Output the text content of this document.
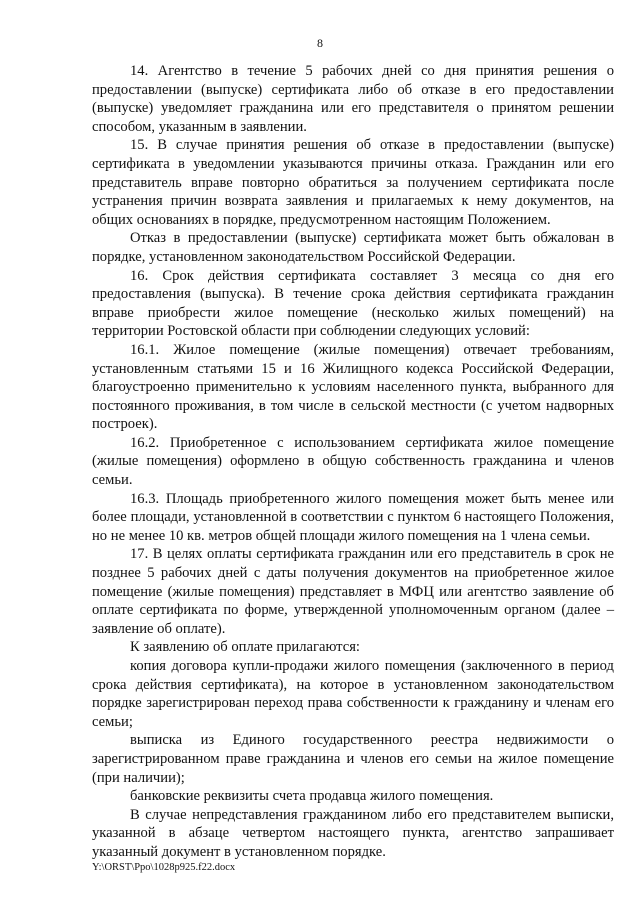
8

14. Агентство в течение 5 рабочих дней со дня принятия решения о предоставлении (выпуске) сертификата либо об отказе в его предоставлении (выпуске) уведомляет гражданина или его представителя о принятом решении способом, указанным в заявлении.

15. В случае принятия решения об отказе в предоставлении (выпуске) сертификата в уведомлении указываются причины отказа. Гражданин или его представитель вправе повторно обратиться за получением сертификата после устранения причин возврата заявления и прилагаемых к нему документов, на общих основаниях в порядке, предусмотренном настоящим Положением.

Отказ в предоставлении (выпуске) сертификата может быть обжалован в порядке, установленном законодательством Российской Федерации.

16. Срок действия сертификата составляет 3 месяца со дня его предоставления (выпуска). В течение срока действия сертификата гражданин вправе приобрести жилое помещение (несколько жилых помещений) на территории Ростовской области при соблюдении следующих условий:

16.1. Жилое помещение (жилые помещения) отвечает требованиям, установленным статьями 15 и 16 Жилищного кодекса Российской Федерации, благоустроенно применительно к условиям населенного пункта, выбранного для постоянного проживания, в том числе в сельской местности (с учетом надворных построек).

16.2. Приобретенное с использованием сертификата жилое помещение (жилые помещения) оформлено в общую собственность гражданина и членов семьи.

16.3. Площадь приобретенного жилого помещения может быть менее или более площади, установленной в соответствии с пунктом 6 настоящего Положения, но не менее 10 кв. метров общей площади жилого помещения на 1 члена семьи.

17. В целях оплаты сертификата гражданин или его представитель в срок не позднее 5 рабочих дней с даты получения документов на приобретенное жилое помещение (жилые помещения) представляет в МФЦ или агентство заявление об оплате сертификата по форме, утвержденной уполномоченным органом (далее – заявление об оплате).

К заявлению об оплате прилагаются:

копия договора купли-продажи жилого помещения (заключенного в период срока действия сертификата), на которое в установленном законодательством порядке зарегистрирован переход права собственности к гражданину и членам его семьи;

выписка из Единого государственного реестра недвижимости о зарегистрированном праве гражданина и членов его семьи на жилое помещение (при наличии);

банковские реквизиты счета продавца жилого помещения.

В случае непредставления гражданином либо его представителем выписки, указанной в абзаце четвертом настоящего пункта, агентство запрашивает указанный документ в установленном порядке.

Y:\ORST\Ppo\1028p925.f22.docx
